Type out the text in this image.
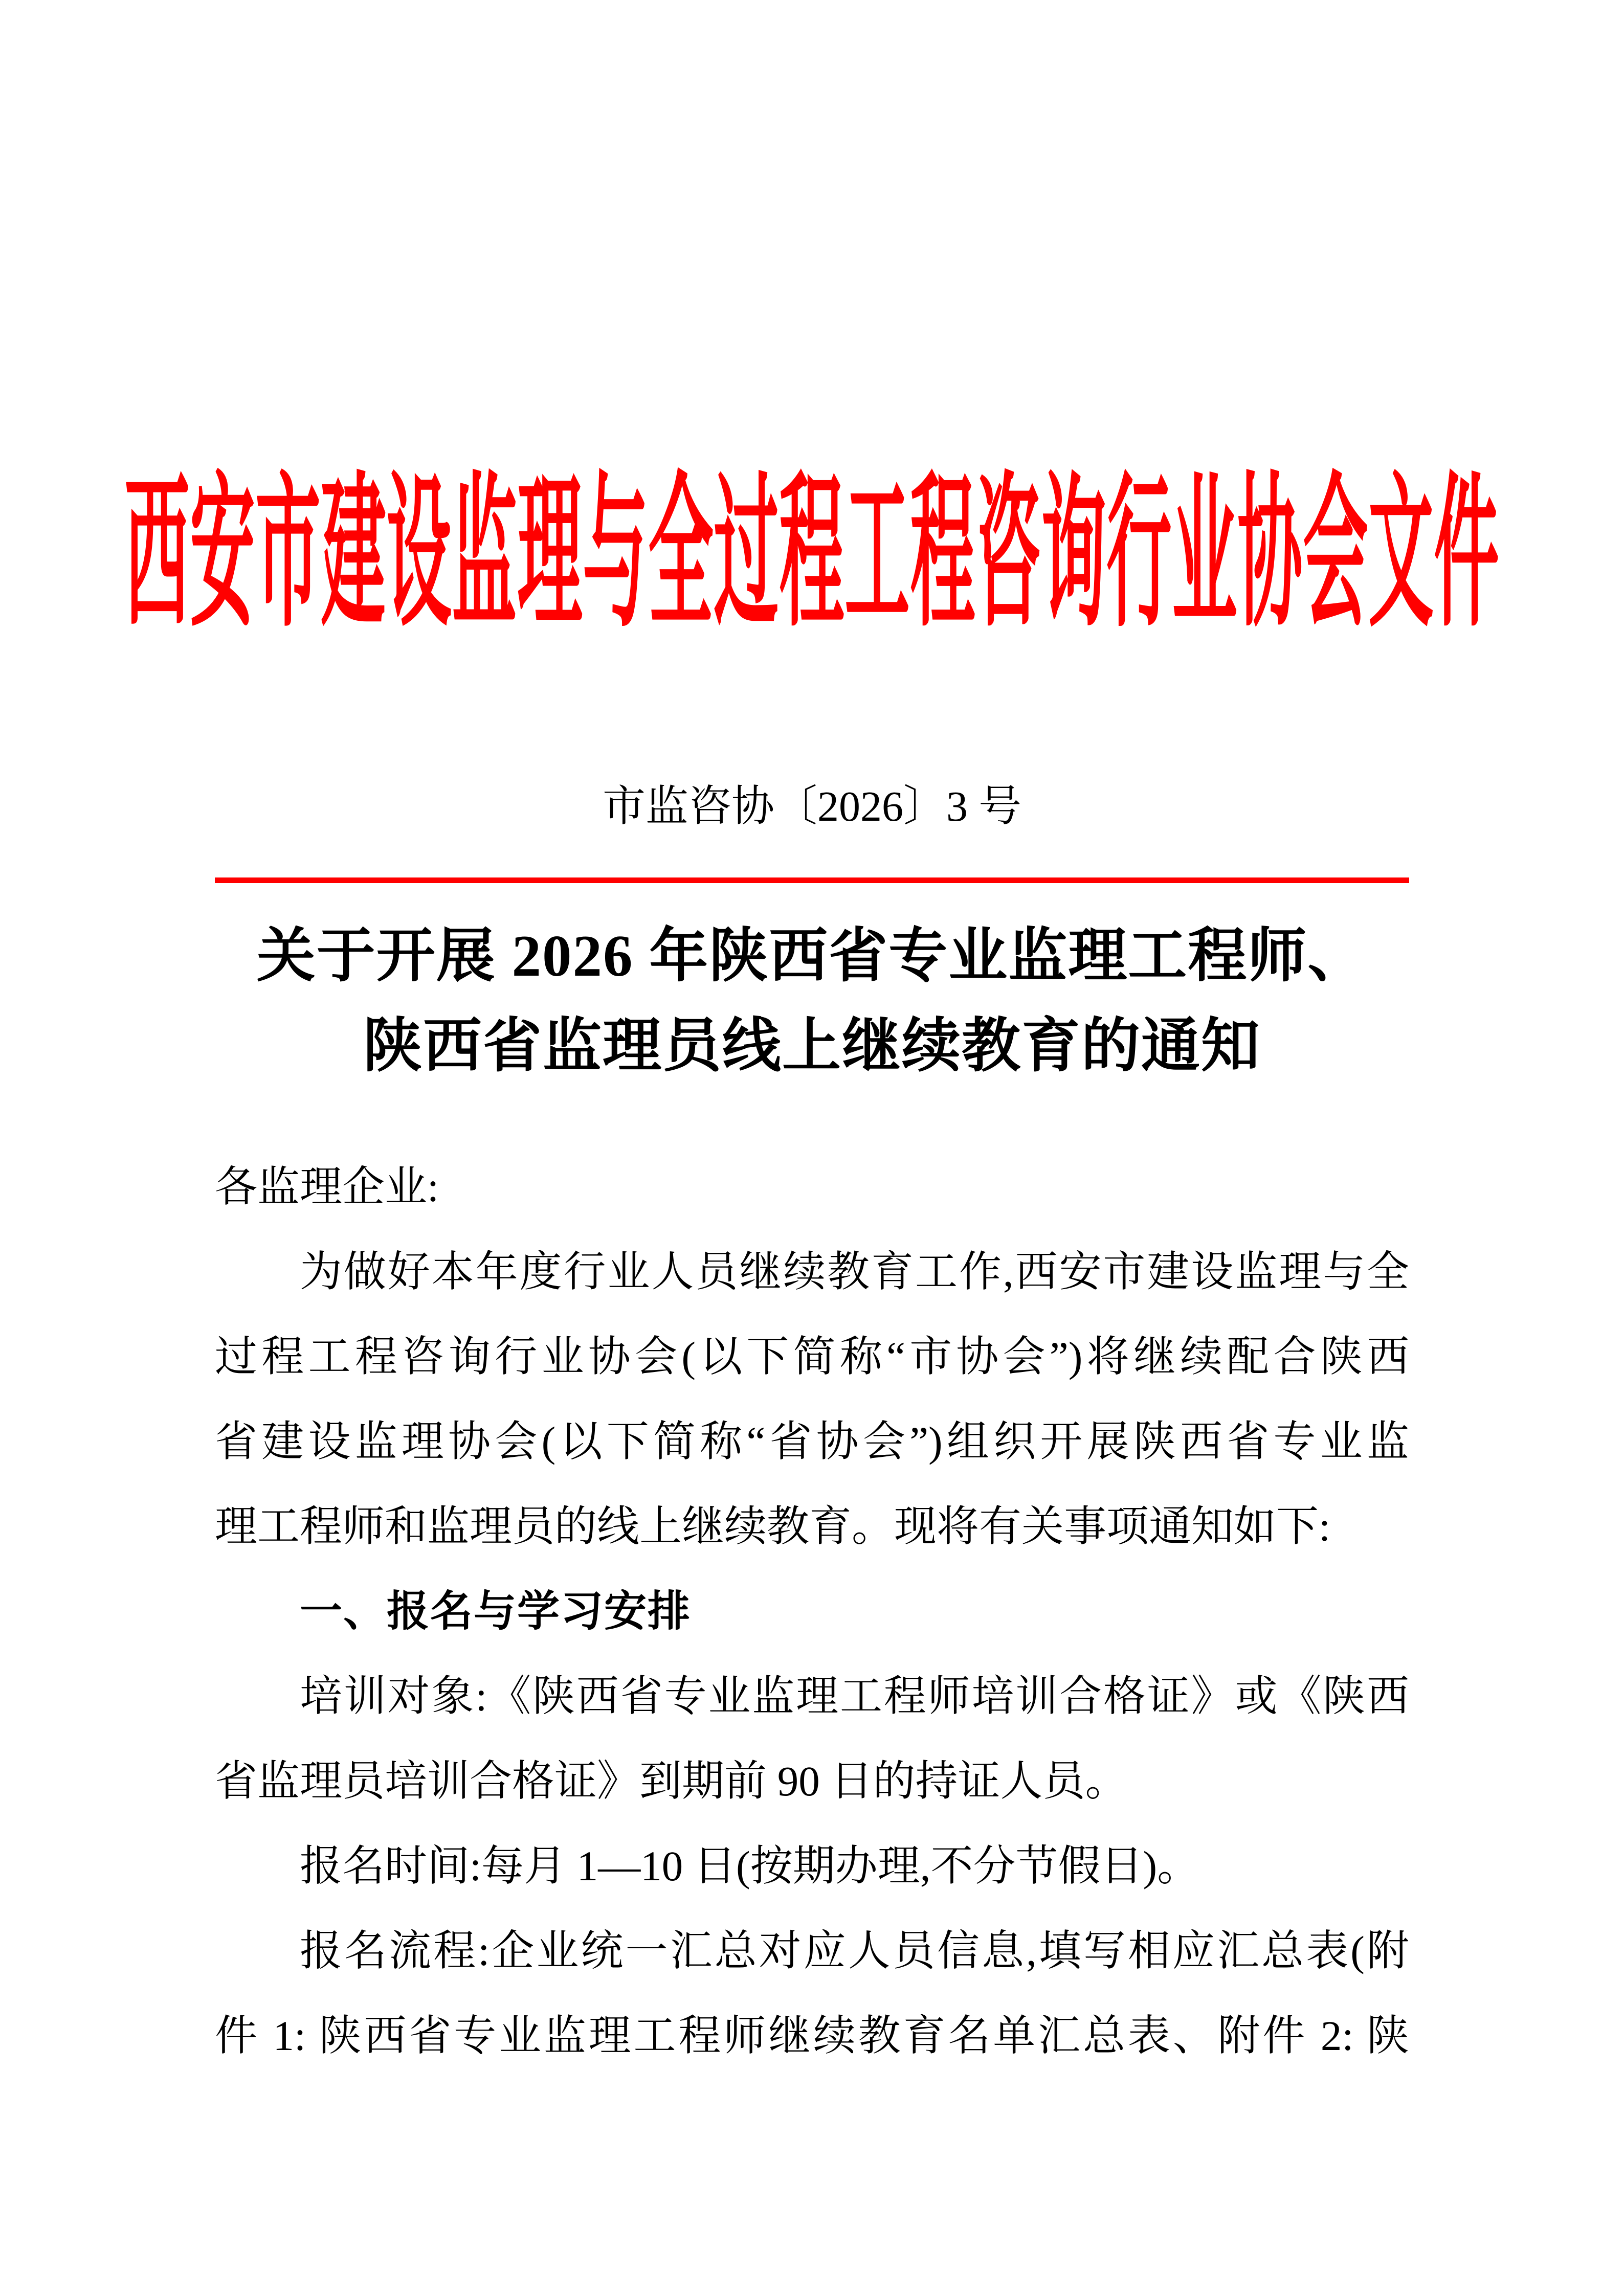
西安市建设监理与全过程工程咨询行业协会文件
市监咨协〔2026〕3 号
关于开展 2026 年陕西省专业监理工程师、
陕西省监理员线上继续教育的通知
各监理企业:
为做好本年度行业人员继续教育工作,西安市建设监理与全
过程工程咨询行业协会(以下简称“市协会”)将继续配合陕西
省建设监理协会(以下简称“省协会”)组织开展陕西省专业监
理工程师和监理员的线上继续教育。现将有关事项通知如下:
一、报名与学习安排
培训对象:《陕西省专业监理工程师培训合格证》或《陕西
省监理员培训合格证》到期前 90 日的持证人员。
报名时间:每月 1—10 日(按期办理,不分节假日)。
报名流程:企业统一汇总对应人员信息,填写相应汇总表(附
件 1: 陕西省专业监理工程师继续教育名单汇总表、附件 2: 陕
